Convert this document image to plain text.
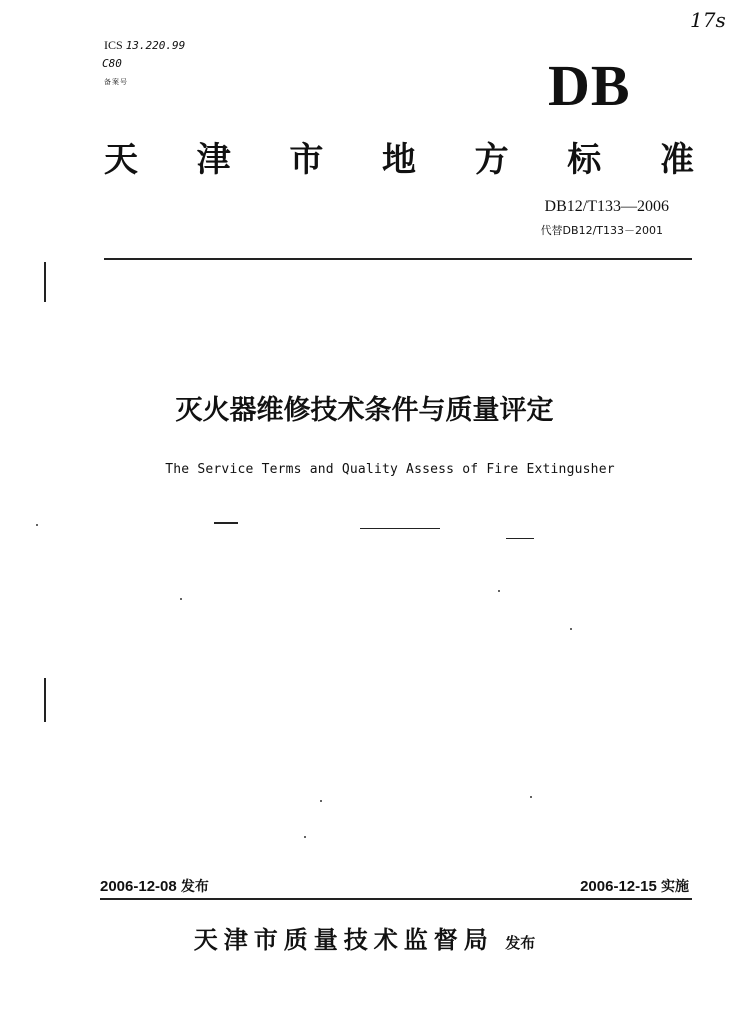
ICS 13.220.99
C80
备案号
17s
DB
天 津 市 地 方 标 准
DB12/T133—2006
代替DB12/T133－2001
灭火器维修技术条件与质量评定
The Service Terms and Quality Assess of Fire Extingusher
2006-12-08 发布	2006-12-15 实施
天津市质量技术监督局 发布
